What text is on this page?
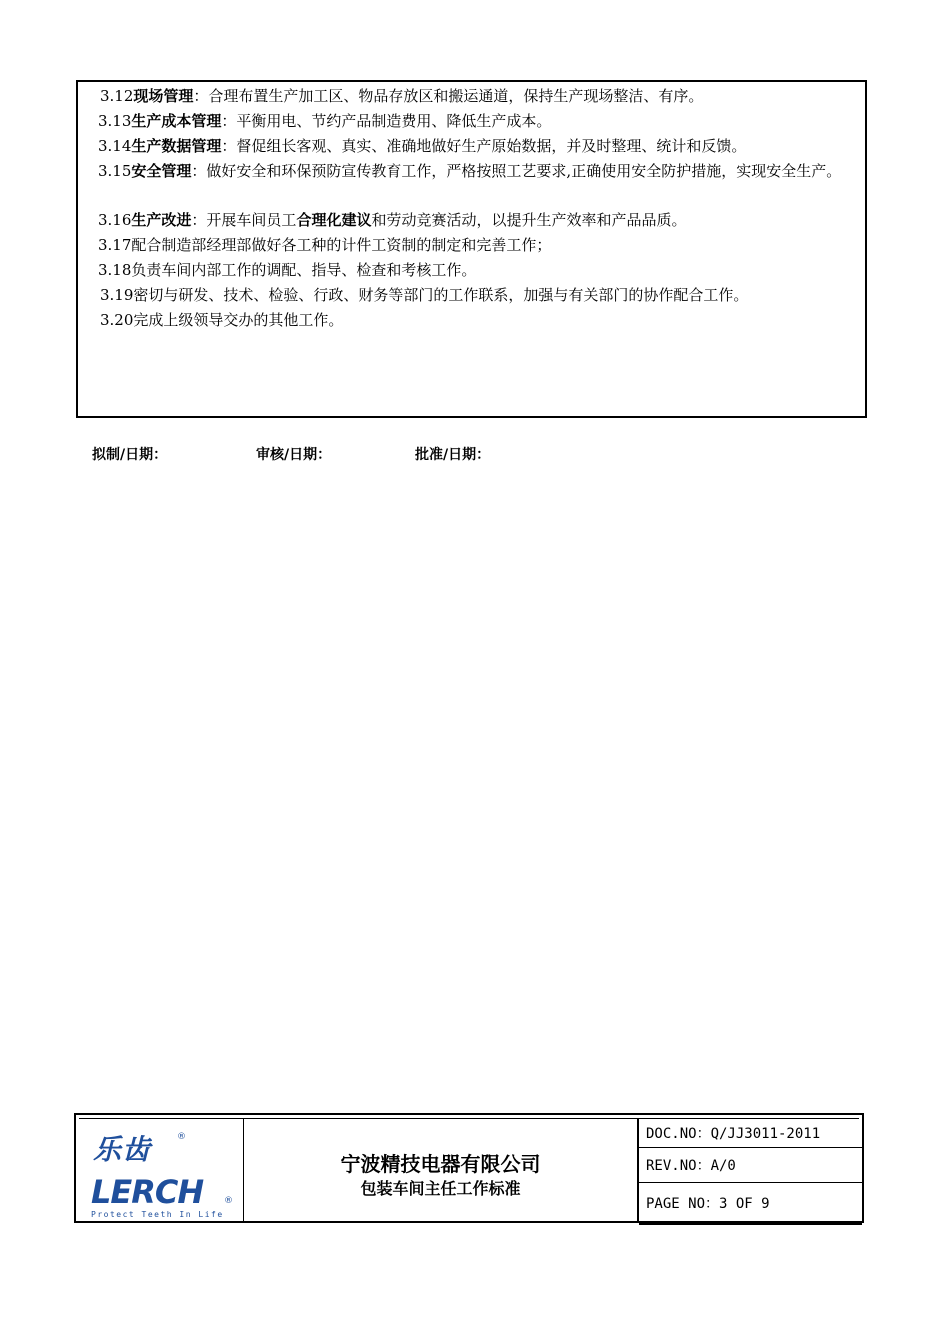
3.12现场管理：合理布置生产加工区、物品存放区和搬运通道，保持生产现场整洁、有序。
3.13生产成本管理：平衡用电、节约产品制造费用、降低生产成本。
3.14生产数据管理：督促组长客观、真实、准确地做好生产原始数据，并及时整理、统计和反馈。
3.15安全管理：做好安全和环保预防宣传教育工作，严格按照工艺要求,正确使用安全防护措施，实现安全生产。
3.16生产改进：开展车间员工合理化建议和劳动竞赛活动，以提升生产效率和产品品质。
3.17配合制造部经理部做好各工种的计件工资制的制定和完善工作；
3.18负责车间内部工作的调配、指导、检查和考核工作。
3.19密切与研发、技术、检验、行政、财务等部门的工作联系，加强与有关部门的协作配合工作。
3.20完成上级领导交办的其他工作。
拟制/日期：	审核/日期：	批准/日期：
乐齿	®
LERCH ®
Protect Teeth In Life
宁波精技电器有限公司
包装车间主任工作标准
DOC.NO：Q/JJ3011-2011
REV.NO：A/0
PAGE NO：3 OF 9
